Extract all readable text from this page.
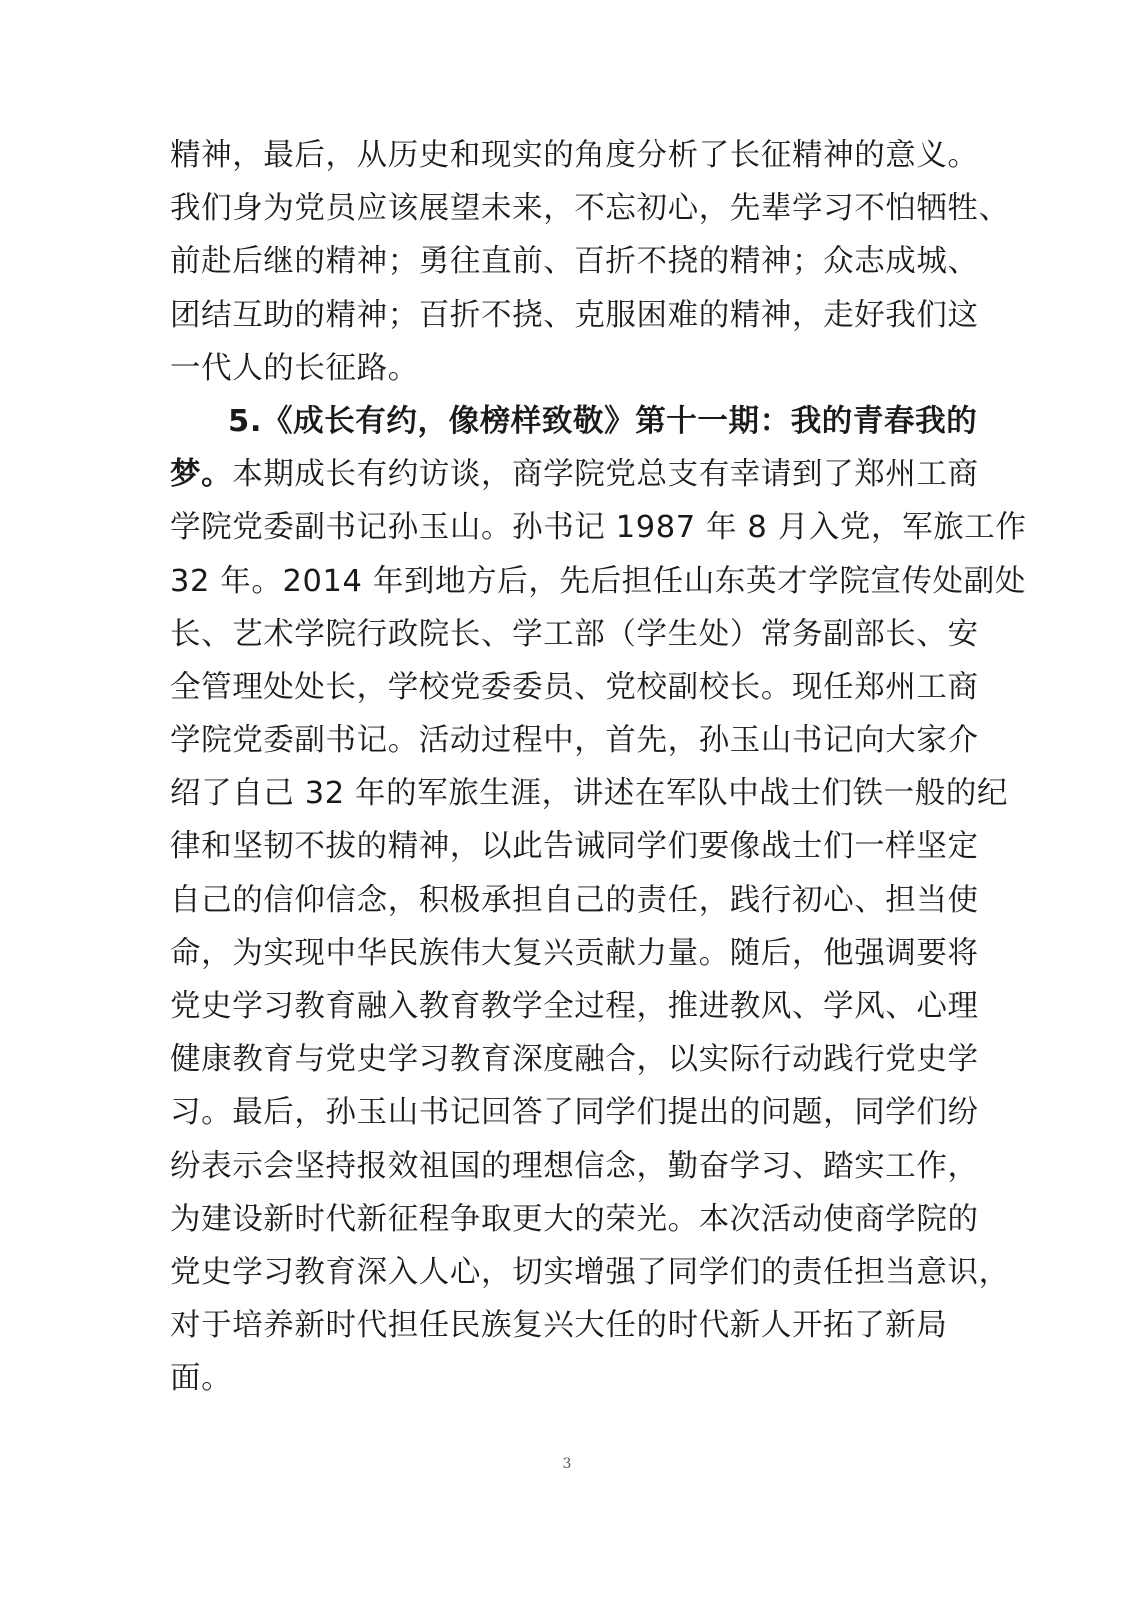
精神，最后，从历史和现实的角度分析了长征精神的意义。
我们身为党员应该展望未来，不忘初心，先辈学习不怕牺牲、
前赴后继的精神；勇往直前、百折不挠的精神；众志成城、
团结互助的精神；百折不挠、克服困难的精神，走好我们这
一代人的长征路。
5.《成长有约，像榜样致敬》第十一期：我的青春我的
梦。本期成长有约访谈，商学院党总支有幸请到了郑州工商
学院党委副书记孙玉山。孙书记 1987 年 8 月入党，军旅工作
32 年。2014 年到地方后，先后担任山东英才学院宣传处副处
长、艺术学院行政院长、学工部（学生处）常务副部长、安
全管理处处长，学校党委委员、党校副校长。现任郑州工商
学院党委副书记。活动过程中，首先，孙玉山书记向大家介
绍了自己 32 年的军旅生涯，讲述在军队中战士们铁一般的纪
律和坚韧不拔的精神，以此告诫同学们要像战士们一样坚定
自己的信仰信念，积极承担自己的责任，践行初心、担当使
命，为实现中华民族伟大复兴贡献力量。随后，他强调要将
党史学习教育融入教育教学全过程，推进教风、学风、心理
健康教育与党史学习教育深度融合，以实际行动践行党史学
习。最后，孙玉山书记回答了同学们提出的问题，同学们纷
纷表示会坚持报效祖国的理想信念，勤奋学习、踏实工作，
为建设新时代新征程争取更大的荣光。本次活动使商学院的
党史学习教育深入人心，切实增强了同学们的责任担当意识，
对于培养新时代担任民族复兴大任的时代新人开拓了新局
面。
3
